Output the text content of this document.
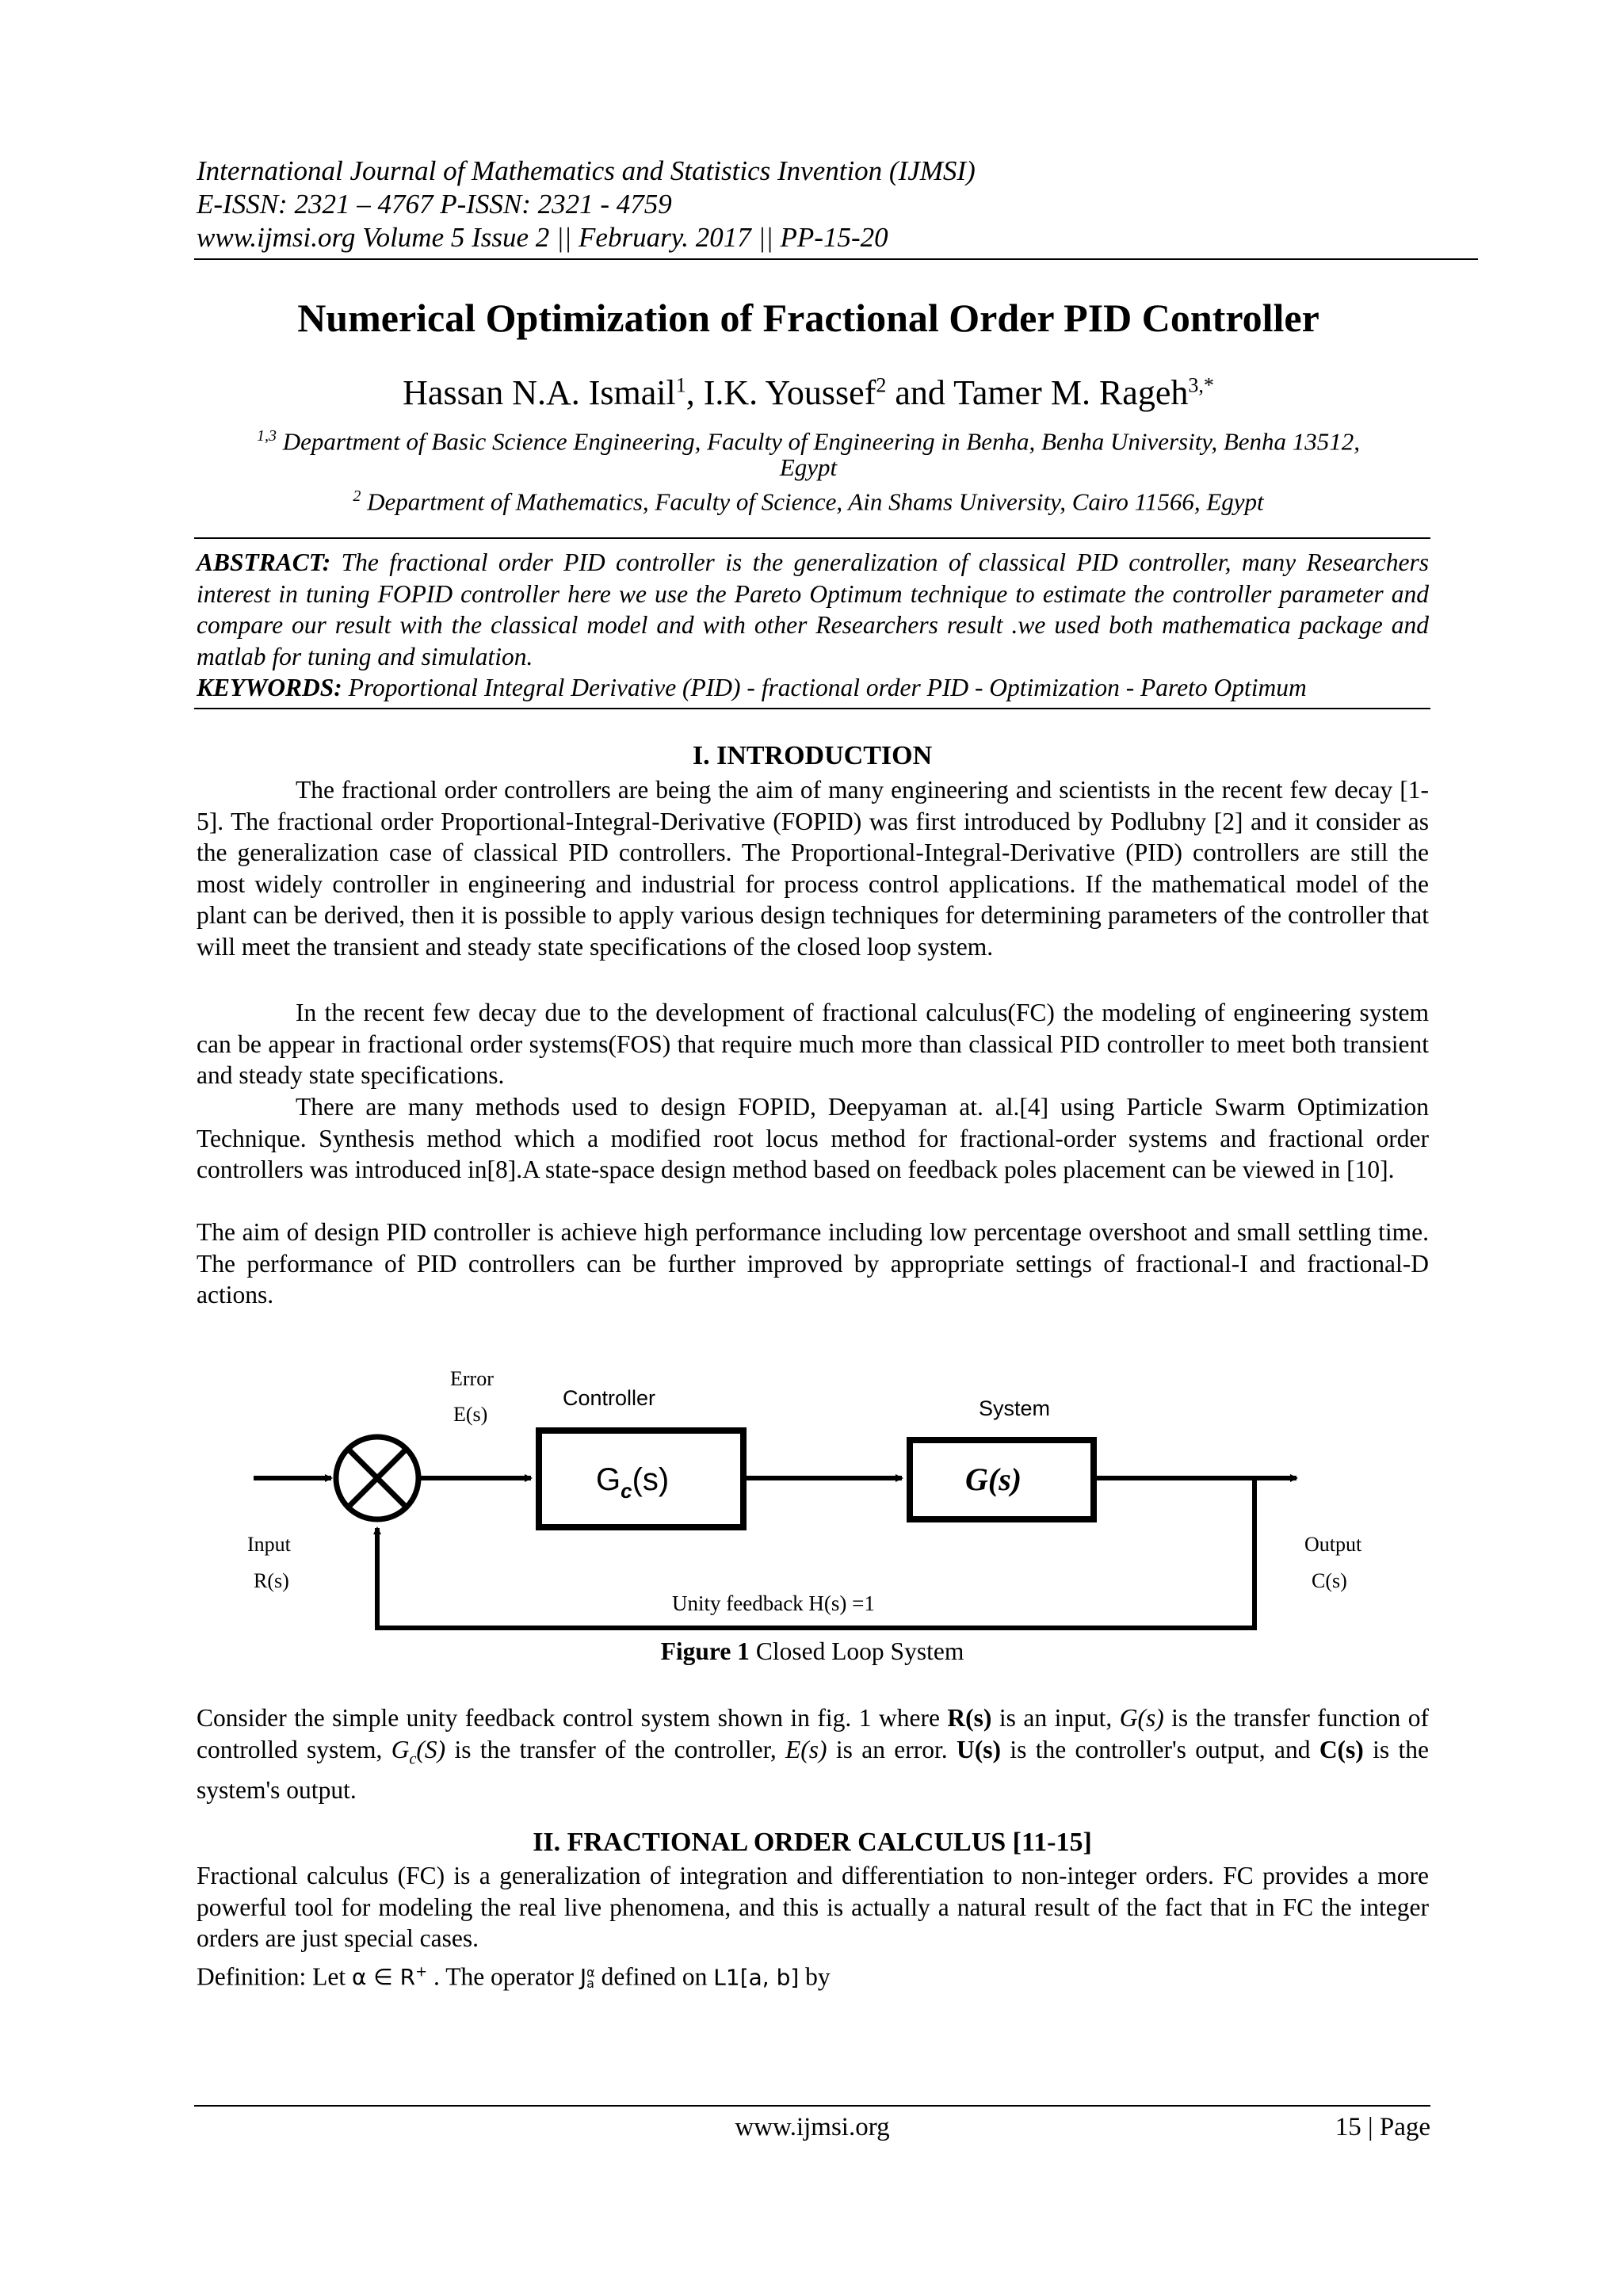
International Journal of Mathematics and Statistics Invention (IJMSI)
E-ISSN: 2321 – 4767 P-ISSN: 2321 - 4759
www.ijmsi.org Volume 5 Issue 2 || February. 2017 || PP-15-20
Numerical Optimization of Fractional Order PID Controller
Hassan N.A. Ismail$^1$, I.K. Youssef$^2$ and Tamer M. Rageh$^{3,*}$
$^{1,3}$ Department of Basic Science Engineering, Faculty of Engineering in Benha, Benha University, Benha 13512,
Egypt
$^2$ Department of Mathematics, Faculty of Science, Ain Shams University, Cairo 11566, Egypt
ABSTRACT: The fractional order PID controller is the generalization of classical PID controller, many Researchers interest in tuning FOPID controller here we use the Pareto Optimum technique to estimate the controller parameter and compare our result with the classical model and with other Researchers result .we used both mathematica package and matlab for tuning and simulation.
KEYWORDS: Proportional Integral Derivative (PID) - fractional order PID - Optimization - Pareto Optimum
I. INTRODUCTION
The fractional order controllers are being the aim of many engineering and scientists in the recent few decay [1-5]. The fractional order Proportional-Integral-Derivative (FOPID) was first introduced by Podlubny [2] and it consider as the generalization case of classical PID controllers. The Proportional-Integral-Derivative (PID) controllers are still the most widely controller in engineering and industrial for process control applications. If the mathematical model of the plant can be derived, then it is possible to apply various design techniques for determining parameters of the controller that will meet the transient and steady state specifications of the closed loop system.
In the recent few decay due to the development of fractional calculus(FC) the modeling of engineering system can be appear in fractional order systems(FOS) that require much more than classical PID controller to meet both transient and steady state specifications.
There are many methods used to design FOPID, Deepyaman at. al.[4] using Particle Swarm Optimization Technique. Synthesis method which a modified root locus method for fractional-order systems and fractional order controllers was introduced in[8].A state-space design method based on feedback poles placement can be viewed in [10].
The aim of design PID controller is achieve high performance including low percentage overshoot and small settling time. The performance of PID controllers can be further improved by appropriate settings of fractional-I and fractional-D actions.
Error
E(s)
Controller
$G_c(s)$
System
G(s)
Input
R(s)
Output
C(s)
Unity feedback H(s) =1
Figure 1 Closed Loop System
Consider the simple unity feedback control system shown in fig. 1 where R(s) is an input, G(s) is the transfer function of controlled system, $G_c(S)$ is the transfer of the controller, E(s) is an error. U(s) is the controller's output, and C(s) is the system's output.
II. FRACTIONAL ORDER CALCULUS [11-15]
Fractional calculus (FC) is a generalization of integration and differentiation to non-integer orders. FC provides a more powerful tool for modeling the real live phenomena, and this is actually a natural result of the fact that in FC the integer orders are just special cases.
Definition: Let α ∈ R+ . The operator J α
a defined on L1[a, b] by
www.ijmsi.org	15 | Page
